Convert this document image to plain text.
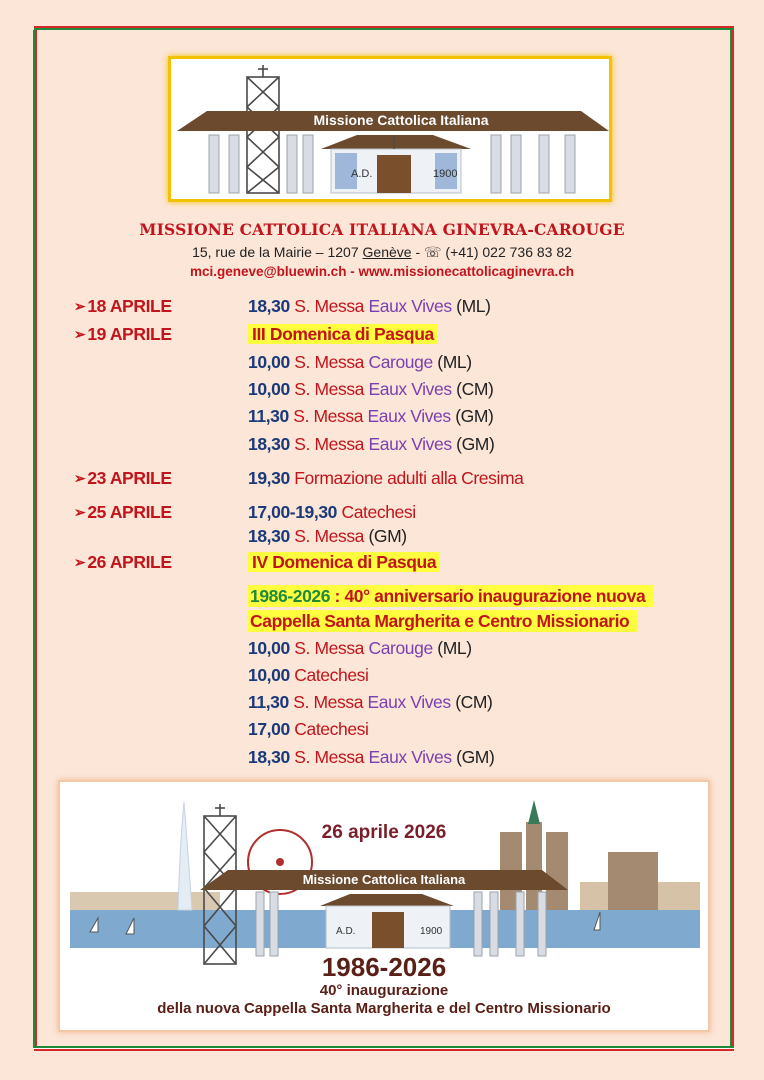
Missione Cattolica Italiana
A.D.	1900
MISSIONE CATTOLICA ITALIANA GINEVRA-CAROUGE
15, rue de la Mairie – 1207 Genève - ☏ (+41) 022 736 83 82
mci.geneve@bluewin.ch - www.missionecattolicaginevra.ch
➢ 18 APRILE	18,30 S. Messa Eaux Vives (ML)
➢ 19 APRILE	III Domenica di Pasqua
10,00 S. Messa Carouge (ML)
10,00 S. Messa Eaux Vives (CM)
11,30 S. Messa Eaux Vives (GM)
18,30 S. Messa Eaux Vives (GM)
➢ 23 APRILE	19,30 Formazione adulti alla Cresima
➢ 25 APRILE	17,00-19,30 Catechesi
18,30 S. Messa (GM)
➢ 26 APRILE	IV Domenica di Pasqua
1986-2026 : 40° anniversario inaugurazione nuova
Cappella Santa Margherita e Centro Missionario
10,00 S. Messa Carouge (ML)
10,00 Catechesi
11,30 S. Messa Eaux Vives (CM)
17,00 Catechesi
18,30 S. Messa Eaux Vives (GM)
Missione Cattolica Italiana
A.D.	1900
26 aprile 2026
1986-2026
40° inaugurazione
della nuova Cappella Santa Margherita e del Centro Missionario
